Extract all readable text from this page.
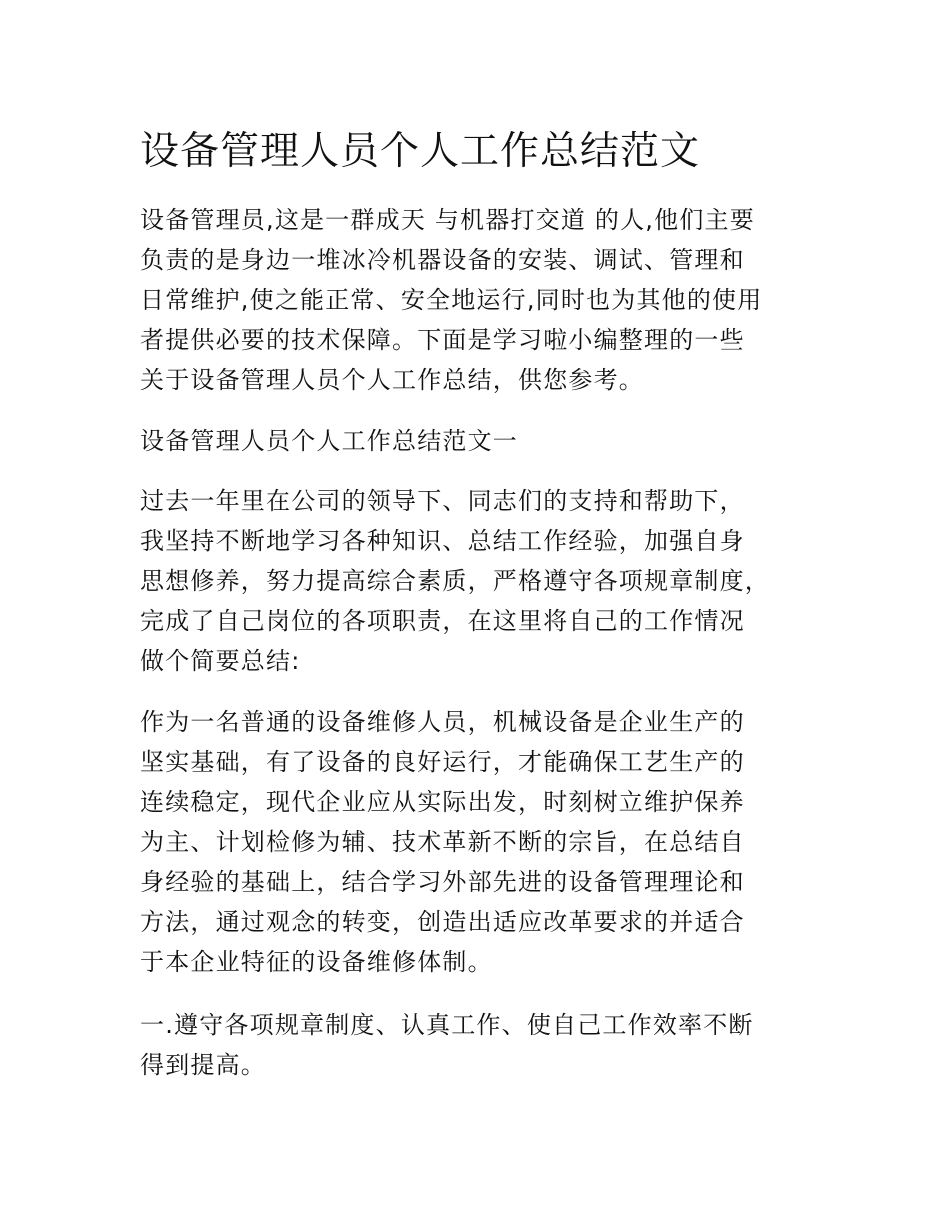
设备管理人员个人工作总结范文
设备管理员,这是一群成天 与机器打交道 的人,他们主要
负责的是身边一堆冰冷机器设备的安装、调试、管理和
日常维护,使之能正常、安全地运行,同时也为其他的使用
者提供必要的技术保障。下面是学习啦小编整理的一些
关于设备管理人员个人工作总结，供您参考。
设备管理人员个人工作总结范文一
过去一年里在公司的领导下、同志们的支持和帮助下，
我坚持不断地学习各种知识、总结工作经验，加强自身
思想修养，努力提高综合素质，严格遵守各项规章制度，
完成了自己岗位的各项职责，在这里将自己的工作情况
做个简要总结:
作为一名普通的设备维修人员，机械设备是企业生产的
坚实基础，有了设备的良好运行，才能确保工艺生产的
连续稳定，现代企业应从实际出发，时刻树立维护保养
为主、计划检修为辅、技术革新不断的宗旨，在总结自
身经验的基础上，结合学习外部先进的设备管理理论和
方法，通过观念的转变，创造出适应改革要求的并适合
于本企业特征的设备维修体制。
一.遵守各项规章制度、认真工作、使自己工作效率不断
得到提高。
